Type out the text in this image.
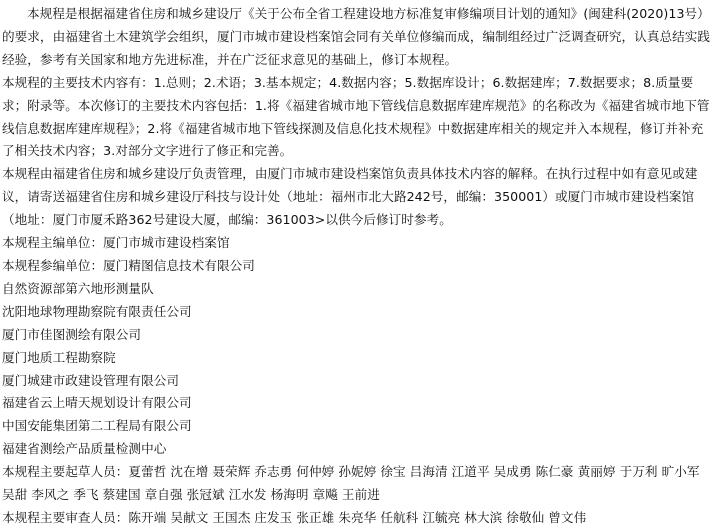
本规程是根据福建省住房和城乡建设厅《关于公布全省工程建设地方标准复审修编项目计划的通知》(闽建科(2020)13号）的要求，由福建省土木建筑学会组织，厦门市城市建设档案馆会同有关单位修编而成，编制组经过广泛调查研究，认真总结实践经验，参考有关国家和地方先进标准，并在广泛征求意见的基础上，修订本规程。

本规程的主要技术内容有：1.总则；2.术语；3.基本规定；4.数据内容；5.数据库设计；6.数据建库；7.数据要求；8.质量要求；附录等。本次修订的主要技术内容包括：1.将《福建省城市地下管线信息数据库建库规范》的名称改为《福建省城市地下管线信息数据库建库规程》；2.将《福建省城市地下管线探测及信息化技术规程》中数据建库相关的规定并入本规程，修订并补充了相关技术内容；3.对部分文字进行了修正和完善。

本规程由福建省住房和城乡建设厅负责管理，由厦门市城市建设档案馆负责具体技术内容的解释。在执行过程中如有意见或建议，请寄送福建省住房和城乡建设厅科技与设计处（地址：福州市北大路242号，邮编：350001）或厦门市城市建设档案馆（地址：厦门市厦禾路362号建设大厦，邮编：361003>以供今后修订时参考。

本规程主编单位：厦门市城市建设档案馆

本规程参编单位：厦门精图信息技术有限公司

自然资源部第六地形测量队

沈阳地球物理勘察院有限责任公司

厦门市佳图测绘有限公司

厦门地质工程勘察院

厦门城建市政建设管理有限公司

福建省云上晴天规划设计有限公司

中国安能集团第二工程局有限公司

福建省测绘产品质量检测中心

本规程主要起草人员：夏蕾哲 沈在增 聂荣辉 乔志勇 何仲婷 孙妮婷 徐宝 吕海清 江道平 吴成勇 陈仁豪 黄丽婷 于万利 旷小军 吴甜 李风之 季飞 蔡建国 章自强 张冠斌 江水发 杨海明 章飚 王前进

本规程主要审查人员：陈开端 吴献文 王国杰 庄发玉 张正雄 朱亮华 任航科 江毓亮 林大滨 徐敬仙 曾文伟
